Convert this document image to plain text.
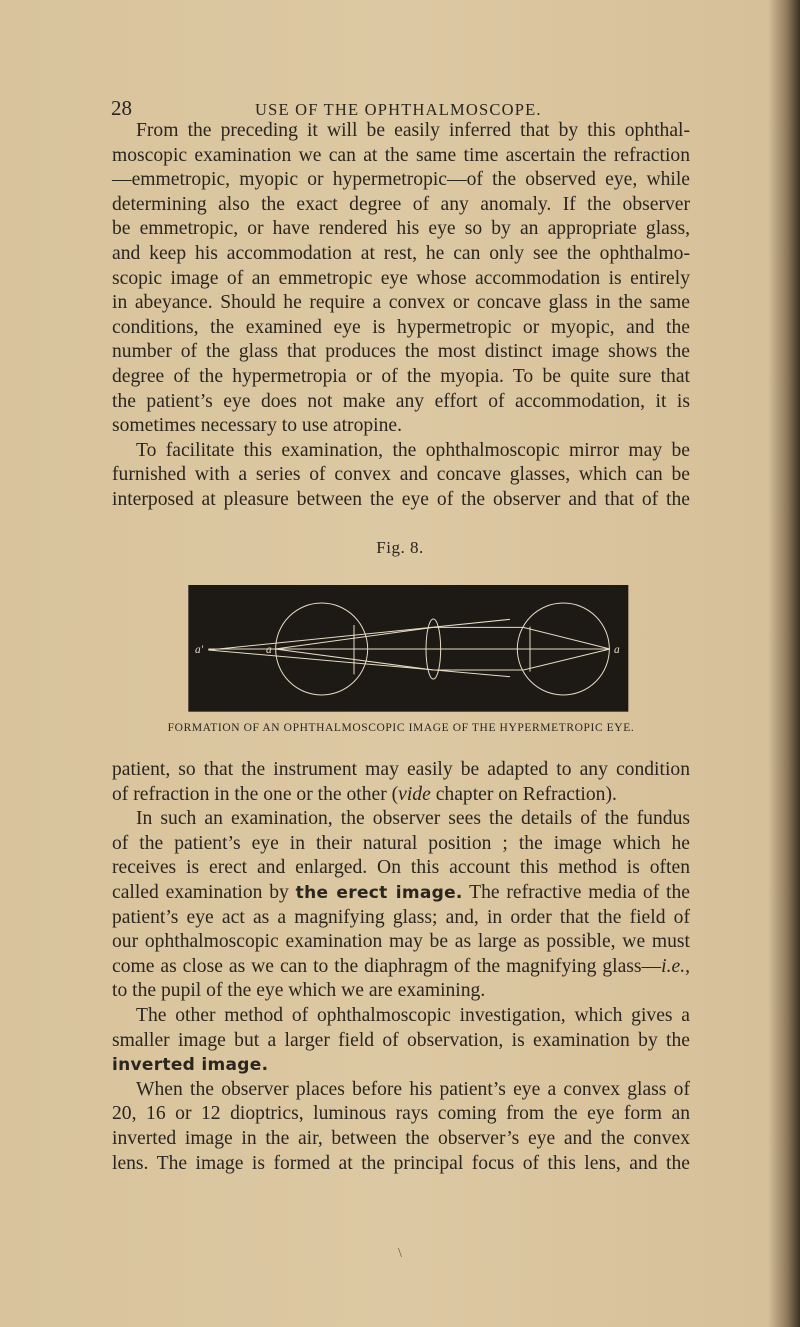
28	USE OF THE OPHTHALMOSCOPE.
From the preceding it will be easily inferred that by this ophthal-
moscopic examination we can at the same time ascertain the refraction
—emmetropic, myopic or hypermetropic—of the observed eye, while
determining also the exact degree of any anomaly. If the observer
be emmetropic, or have rendered his eye so by an appropriate glass,
and keep his accommodation at rest, he can only see the ophthalmo-
scopic image of an emmetropic eye whose accommodation is entirely
in abeyance. Should he require a convex or concave glass in the same
conditions, the examined eye is hypermetropic or myopic, and the
number of the glass that produces the most distinct image shows the
degree of the hypermetropia or of the myopia. To be quite sure that
the patient’s eye does not make any effort of accommodation, it is
sometimes necessary to use atropine.
To facilitate this examination, the ophthalmoscopic mirror may be
furnished with a series of convex and concave glasses, which can be
interposed at pleasure between the eye of the observer and that of the
Fig. 8.
a' a	a
FORMATION OF AN OPHTHALMOSCOPIC IMAGE OF THE HYPERMETROPIC EYE.
patient, so that the instrument may easily be adapted to any condition
of refraction in the one or the other (vide chapter on Refraction).
In such an examination, the observer sees the details of the fundus
of the patient’s eye in their natural position ; the image which he
receives is erect and enlarged. On this account this method is often
called examination by the erect image. The refractive media of the
patient’s eye act as a magnifying glass; and, in order that the field of
our ophthalmoscopic examination may be as large as possible, we must
come as close as we can to the diaphragm of the magnifying glass—i.e.,
to the pupil of the eye which we are examining.
The other method of ophthalmoscopic investigation, which gives a
smaller image but a larger field of observation, is examination by the
inverted image.
When the observer places before his patient’s eye a convex glass of
20, 16 or 12 dioptrics, luminous rays coming from the eye form an
inverted image in the air, between the observer’s eye and the convex
lens. The image is formed at the principal focus of this lens, and the
\
